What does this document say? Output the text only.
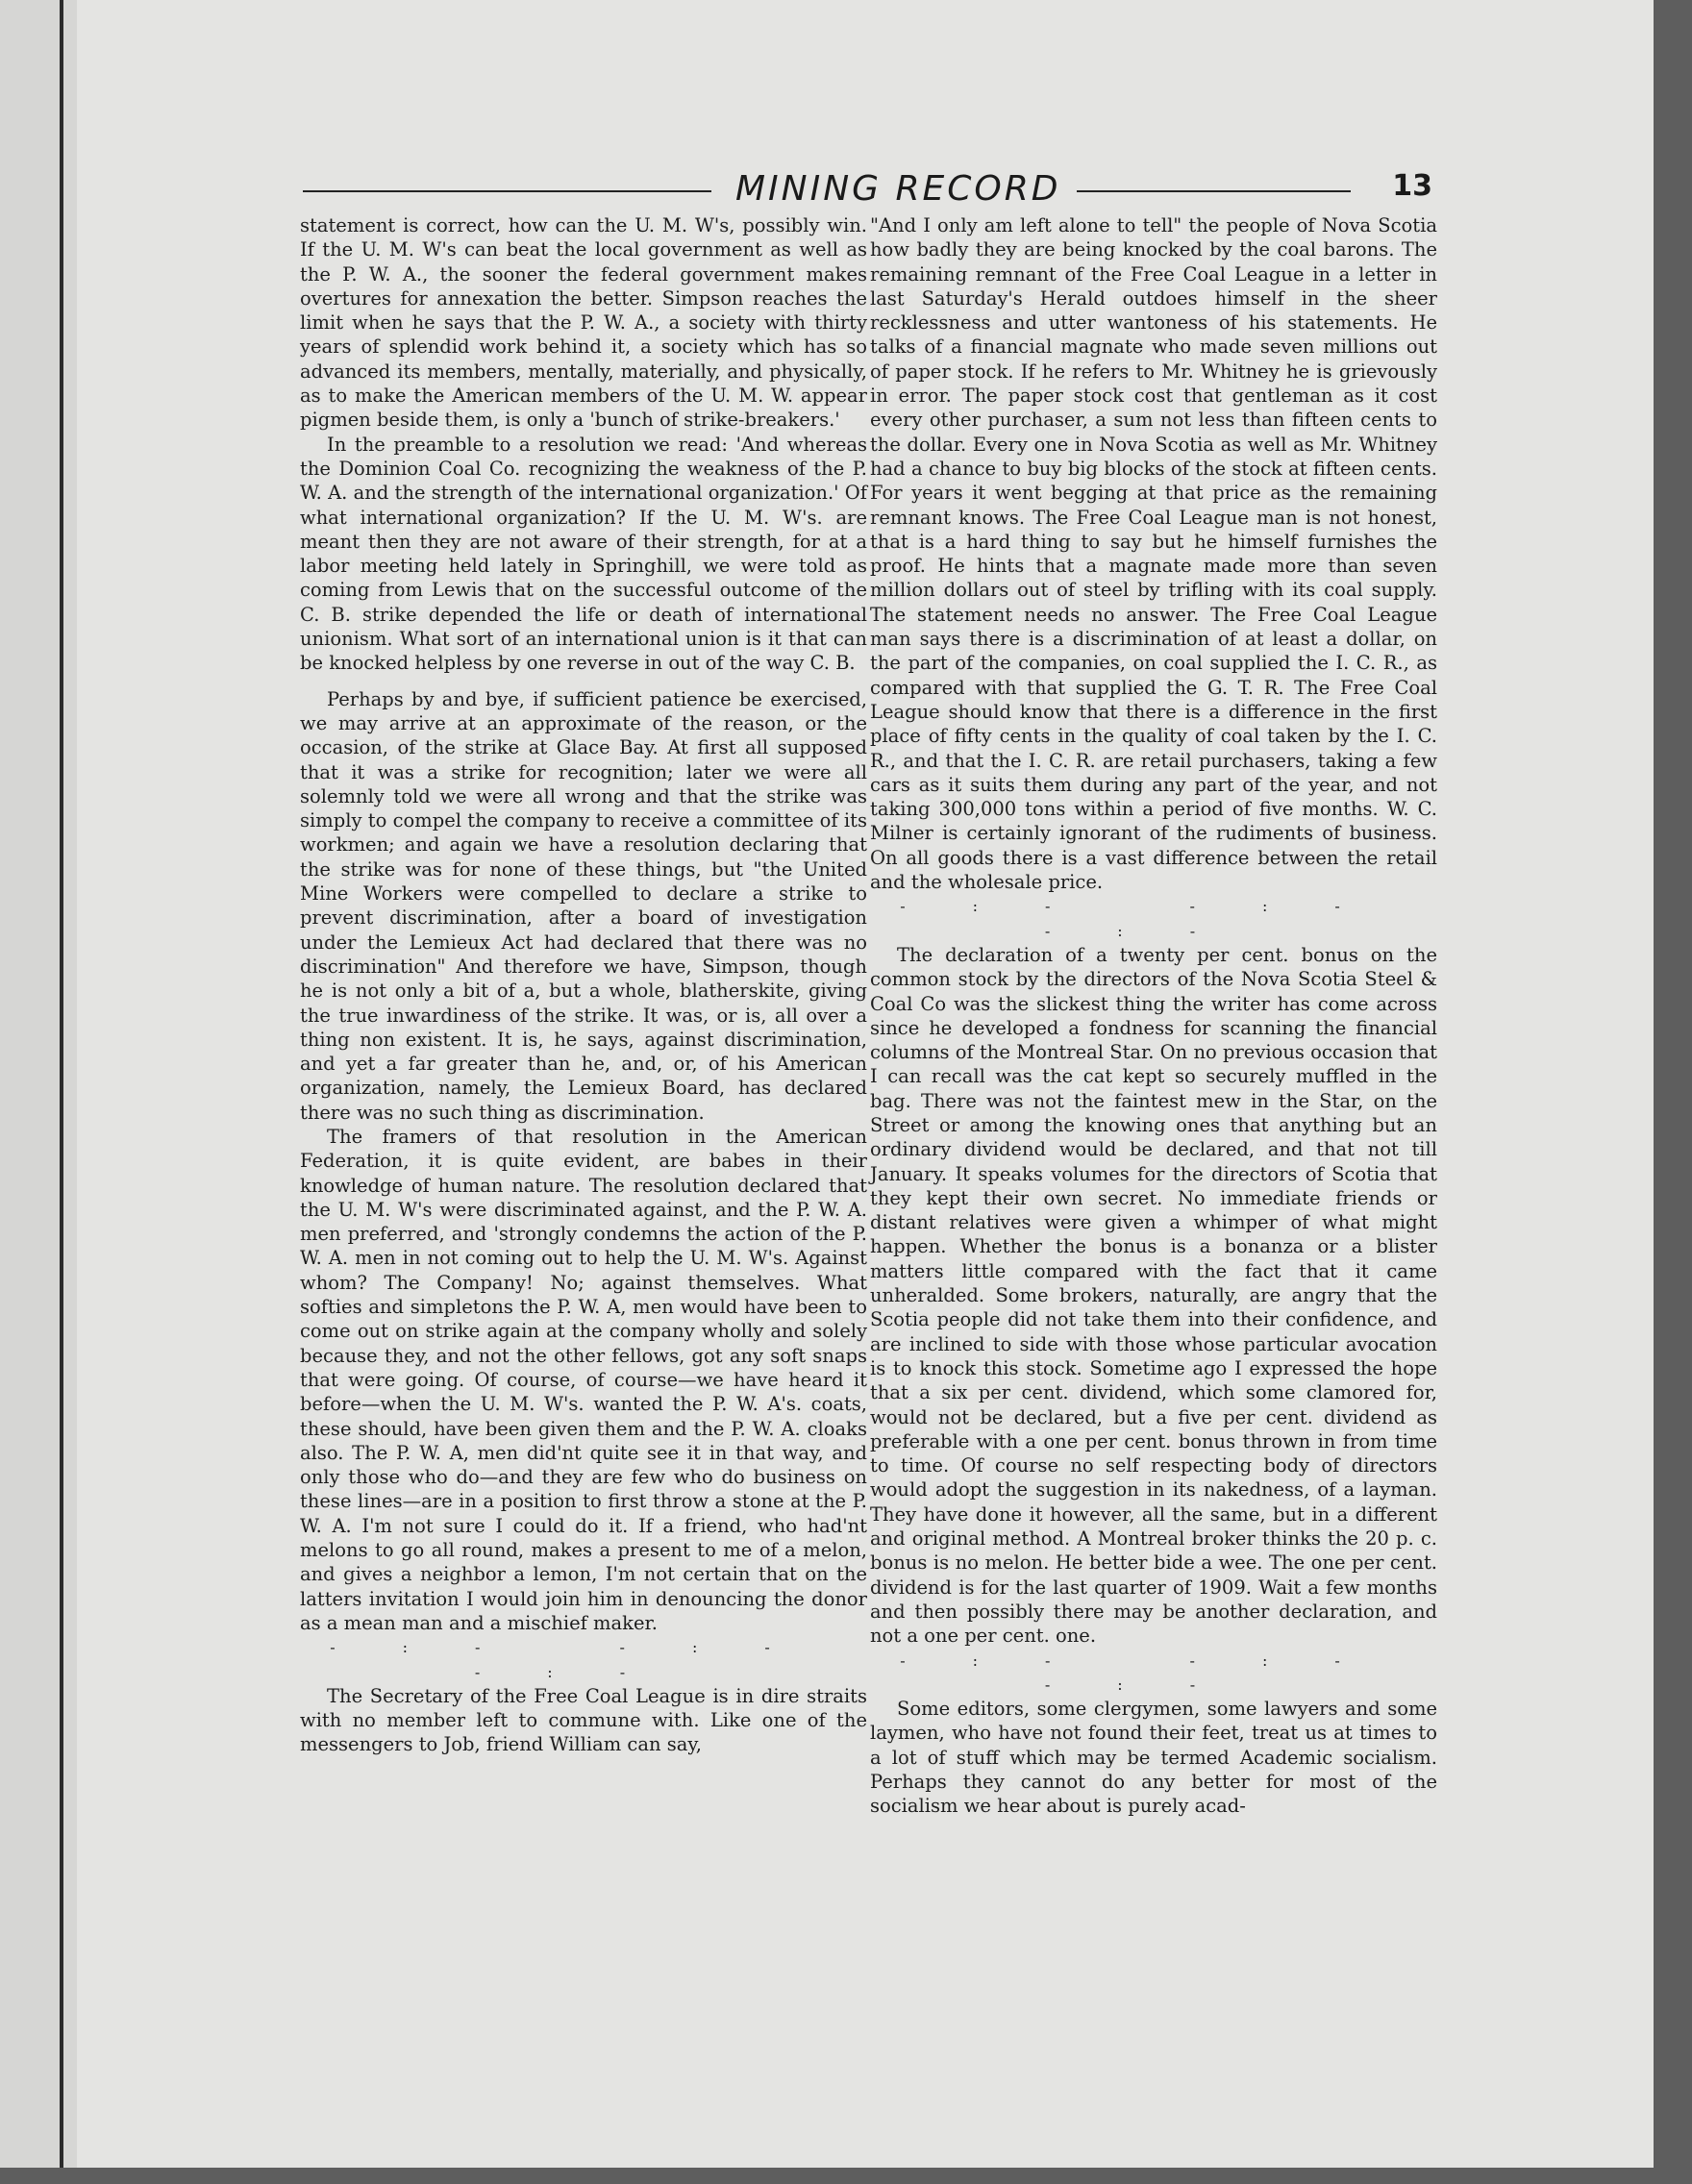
MINING RECORD	13

statement is correct, how can the U. M. W's, possibly win. If the U. M. W's can beat the local government as well as the P. W. A., the sooner the federal government makes overtures for annexation the better. Simpson reaches the limit when he says that the P. W. A., a society with thirty years of splendid work behind it, a society which has so advanced its members, mentally, materially, and physically, as to make the American members of the U. M. W. appear pigmen beside them, is only a 'bunch of strike-breakers.'

In the preamble to a resolution we read: 'And whereas the Dominion Coal Co. recognizing the weakness of the P. W. A. and the strength of the international organization.' Of what international organization? If the U. M. W's. are meant then they are not aware of their strength, for at a labor meeting held lately in Springhill, we were told as coming from Lewis that on the successful outcome of the C. B. strike depended the life or death of international unionism. What sort of an international union is it that can be knocked helpless by one reverse in out of the way C. B.

Perhaps by and bye, if sufficient patience be exercised, we may arrive at an approximate of the reason, or the occasion, of the strike at Glace Bay. At first all supposed that it was a strike for recognition; later we were all solemnly told we were all wrong and that the strike was simply to compel the company to receive a committee of its workmen; and again we have a resolution declaring that the strike was for none of these things, but "the United Mine Workers were compelled to declare a strike to prevent discrimination, after a board of investigation under the Lemieux Act had declared that there was no discrimination" And therefore we have, Simpson, though he is not only a bit of a, but a whole, blatherskite, giving the true inwardiness of the strike. It was, or is, all over a thing non existent. It is, he says, against discrimination, and yet a far greater than he, and, or, of his American organization, namely, the Lemieux Board, has declared there was no such thing as discrimination.

The framers of that resolution in the American Federation, it is quite evident, are babes in their knowledge of human nature. The resolution declared that the U. M. W's were discriminated against, and the P. W. A. men preferred, and 'strongly condemns the action of the P. W. A. men in not coming out to help the U. M. W's. Against whom? The Company! No; against themselves. What softies and simpletons the P. W. A, men would have been to come out on strike again at the company wholly and solely because they, and not the other fellows, got any soft snaps that were going. Of course, of course—we have heard it before—when the U. M. W's. wanted the P. W. A's. coats, these should, have been given them and the P. W. A. cloaks also. The P. W. A, men did'nt quite see it in that way, and only those who do—and they are few who do business on these lines—are in a position to first throw a stone at the P. W. A. I'm not sure I could do it. If a friend, who had'nt melons to go all round, makes a present to me of a melon, and gives a neighbor a lemon, I'm not certain that on the latters invitation I would join him in denouncing the donor as a mean man and a mischief maker.

-:- -:- -:-

The Secretary of the Free Coal League is in dire straits with no member left to commune with. Like one of the messengers to Job, friend William can say,

"And I only am left alone to tell" the people of Nova Scotia how badly they are being knocked by the coal barons. The remaining remnant of the Free Coal League in a letter in last Saturday's Herald outdoes himself in the sheer recklessness and utter wantoness of his statements. He talks of a financial magnate who made seven millions out of paper stock. If he refers to Mr. Whitney he is grievously in error. The paper stock cost that gentleman as it cost every other purchaser, a sum not less than fifteen cents to the dollar. Every one in Nova Scotia as well as Mr. Whitney had a chance to buy big blocks of the stock at fifteen cents. For years it went begging at that price as the remaining remnant knows. The Free Coal League man is not honest, that is a hard thing to say but he himself furnishes the proof. He hints that a magnate made more than seven million dollars out of steel by trifling with its coal supply. The statement needs no answer. The Free Coal League man says there is a discrimination of at least a dollar, on the part of the companies, on coal supplied the I. C. R., as compared with that supplied the G. T. R. The Free Coal League should know that there is a difference in the first place of fifty cents in the quality of coal taken by the I. C. R., and that the I. C. R. are retail purchasers, taking a few cars as it suits them during any part of the year, and not taking 300,000 tons within a period of five months. W. C. Milner is certainly ignorant of the rudiments of business. On all goods there is a vast difference between the retail and the wholesale price.

-:- -:- -:-

The declaration of a twenty per cent. bonus on the common stock by the directors of the Nova Scotia Steel & Coal Co was the slickest thing the writer has come across since he developed a fondness for scanning the financial columns of the Montreal Star. On no previous occasion that I can recall was the cat kept so securely muffled in the bag. There was not the faintest mew in the Star, on the Street or among the knowing ones that anything but an ordinary dividend would be declared, and that not till January. It speaks volumes for the directors of Scotia that they kept their own secret. No immediate friends or distant relatives were given a whimper of what might happen. Whether the bonus is a bonanza or a blister matters little compared with the fact that it came unheralded. Some brokers, naturally, are angry that the Scotia people did not take them into their confidence, and are inclined to side with those whose particular avocation is to knock this stock. Sometime ago I expressed the hope that a six per cent. dividend, which some clamored for, would not be declared, but a five per cent. dividend as preferable with a one per cent. bonus thrown in from time to time. Of course no self respecting body of directors would adopt the suggestion in its nakedness, of a layman. They have done it however, all the same, but in a different and original method. A Montreal broker thinks the 20 p. c. bonus is no melon. He better bide a wee. The one per cent. dividend is for the last quarter of 1909. Wait a few months and then possibly there may be another declaration, and not a one per cent. one.

-:- -:- -:-

Some editors, some clergymen, some lawyers and some laymen, who have not found their feet, treat us at times to a lot of stuff which may be termed Academic socialism. Perhaps they cannot do any better for most of the socialism we hear about is purely acad-
